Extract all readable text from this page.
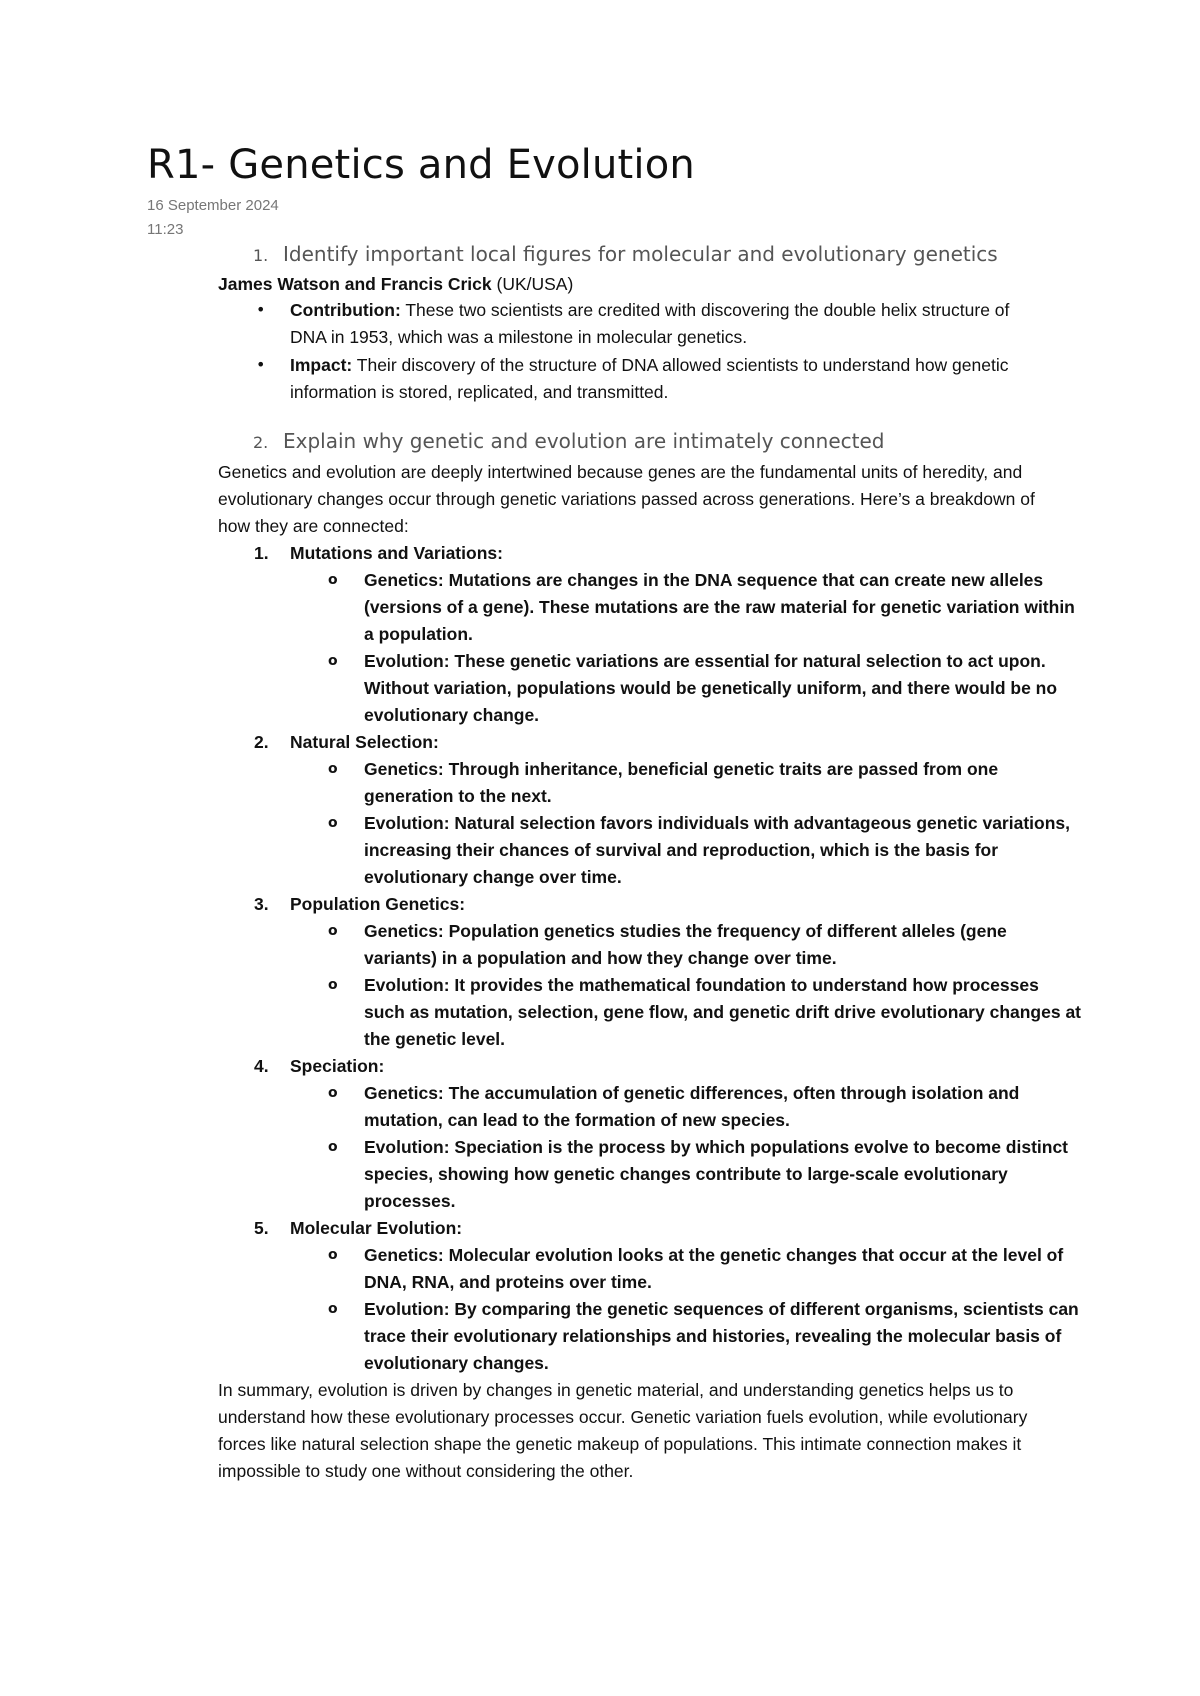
R1- Genetics and Evolution
16 September 2024
11:23
1. Identify important local figures for molecular and evolutionary genetics
James Watson and Francis Crick (UK/USA)
• Contribution: These two scientists are credited with discovering the double helix structure of DNA in 1953, which was a milestone in molecular genetics.
• Impact: Their discovery of the structure of DNA allowed scientists to understand how genetic information is stored, replicated, and transmitted.
2. Explain why genetic and evolution are intimately connected
Genetics and evolution are deeply intertwined because genes are the fundamental units of heredity, and evolutionary changes occur through genetic variations passed across generations. Here’s a breakdown of how they are connected:
1. Mutations and Variations:
o Genetics: Mutations are changes in the DNA sequence that can create new alleles (versions of a gene). These mutations are the raw material for genetic variation within a population.
o Evolution: These genetic variations are essential for natural selection to act upon. Without variation, populations would be genetically uniform, and there would be no evolutionary change.
2. Natural Selection:
o Genetics: Through inheritance, beneficial genetic traits are passed from one generation to the next.
o Evolution: Natural selection favors individuals with advantageous genetic variations, increasing their chances of survival and reproduction, which is the basis for evolutionary change over time.
3. Population Genetics:
o Genetics: Population genetics studies the frequency of different alleles (gene variants) in a population and how they change over time.
o Evolution: It provides the mathematical foundation to understand how processes such as mutation, selection, gene flow, and genetic drift drive evolutionary changes at the genetic level.
4. Speciation:
o Genetics: The accumulation of genetic differences, often through isolation and mutation, can lead to the formation of new species.
o Evolution: Speciation is the process by which populations evolve to become distinct species, showing how genetic changes contribute to large-scale evolutionary processes.
5. Molecular Evolution:
o Genetics: Molecular evolution looks at the genetic changes that occur at the level of DNA, RNA, and proteins over time.
o Evolution: By comparing the genetic sequences of different organisms, scientists can trace their evolutionary relationships and histories, revealing the molecular basis of evolutionary changes.
In summary, evolution is driven by changes in genetic material, and understanding genetics helps us to understand how these evolutionary processes occur. Genetic variation fuels evolution, while evolutionary forces like natural selection shape the genetic makeup of populations. This intimate connection makes it impossible to study one without considering the other.
